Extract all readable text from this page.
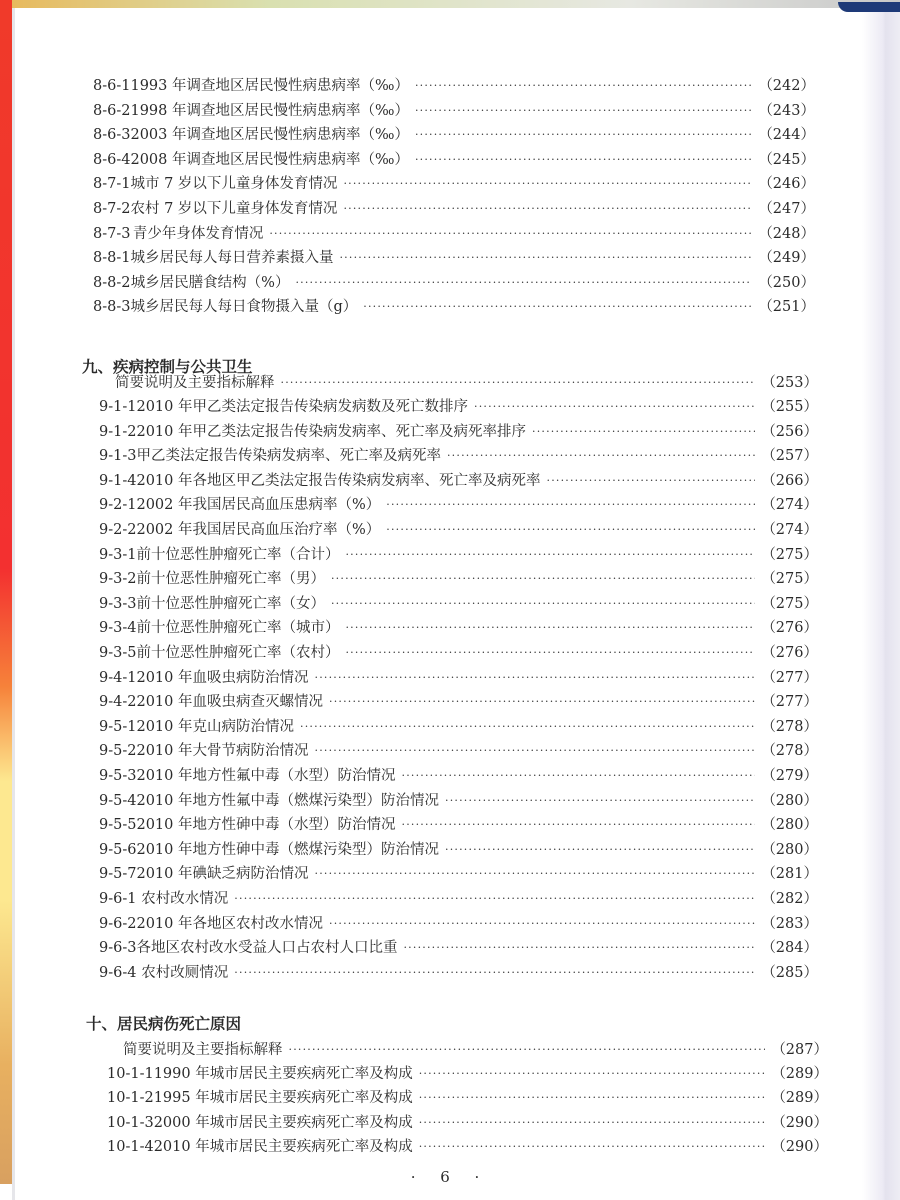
8-6-1 1993 年调查地区居民慢性病患病率（‰） ·····	（242）
8-6-2 1998 年调查地区居民慢性病患病率（‰） ·····	（243）
8-6-3 2003 年调查地区居民慢性病患病率（‰） ·····	（244）
8-6-4 2008 年调查地区居民慢性病患病率（‰） ·····	（245）
8-7-1 城市 7 岁以下儿童身体发育情况 ·····	（246）
8-7-2 农村 7 岁以下儿童身体发育情况 ·····	（247）
8-7-3 青少年身体发育情况 ·····	（248）
8-8-1 城乡居民每人每日营养素摄入量 ·····	（249）
8-8-2 城乡居民膳食结构（%） ·····	（250）
8-8-3 城乡居民每人每日食物摄入量（g） ·····	（251）
九、疾病控制与公共卫生
简要说明及主要指标解释 ·····	（253）
9-1-1 2010 年甲乙类法定报告传染病发病数及死亡数排序 ·····	（255）
9-1-2 2010 年甲乙类法定报告传染病发病率、死亡率及病死率排序 ·····	（256）
9-1-3 甲乙类法定报告传染病发病率、死亡率及病死率 ·····	（257）
9-1-4 2010 年各地区甲乙类法定报告传染病发病率、死亡率及病死率 ·····	（266）
9-2-1 2002 年我国居民高血压患病率（%） ·····	（274）
9-2-2 2002 年我国居民高血压治疗率（%） ·····	（274）
9-3-1 前十位恶性肿瘤死亡率（合计） ·····	（275）
9-3-2 前十位恶性肿瘤死亡率（男） ·····	（275）
9-3-3 前十位恶性肿瘤死亡率（女） ·····	（275）
9-3-4 前十位恶性肿瘤死亡率（城市） ·····	（276）
9-3-5 前十位恶性肿瘤死亡率（农村） ·····	（276）
9-4-1 2010 年血吸虫病防治情况 ·····	（277）
9-4-2 2010 年血吸虫病查灭螺情况 ·····	（277）
9-5-1 2010 年克山病防治情况 ·····	（278）
9-5-2 2010 年大骨节病防治情况 ·····	（278）
9-5-3 2010 年地方性氟中毒（水型）防治情况 ·····	（279）
9-5-4 2010 年地方性氟中毒（燃煤污染型）防治情况 ·····	（280）
9-5-5 2010 年地方性砷中毒（水型）防治情况 ·····	（280）
9-5-6 2010 年地方性砷中毒（燃煤污染型）防治情况 ·····	（280）
9-5-7 2010 年碘缺乏病防治情况 ·····	（281）
9-6-1 农村改水情况 ·····	（282）
9-6-2 2010 年各地区农村改水情况 ·····	（283）
9-6-3 各地区农村改水受益人口占农村人口比重 ·····	（284）
9-6-4 农村改厕情况 ·····	（285）
十、居民病伤死亡原因
简要说明及主要指标解释 ·····	（287）
10-1-1 1990 年城市居民主要疾病死亡率及构成 ·····	（289）
10-1-2 1995 年城市居民主要疾病死亡率及构成 ·····	（289）
10-1-3 2000 年城市居民主要疾病死亡率及构成 ·····	（290）
10-1-4 2010 年城市居民主要疾病死亡率及构成 ·····	（290）
· 6 ·
